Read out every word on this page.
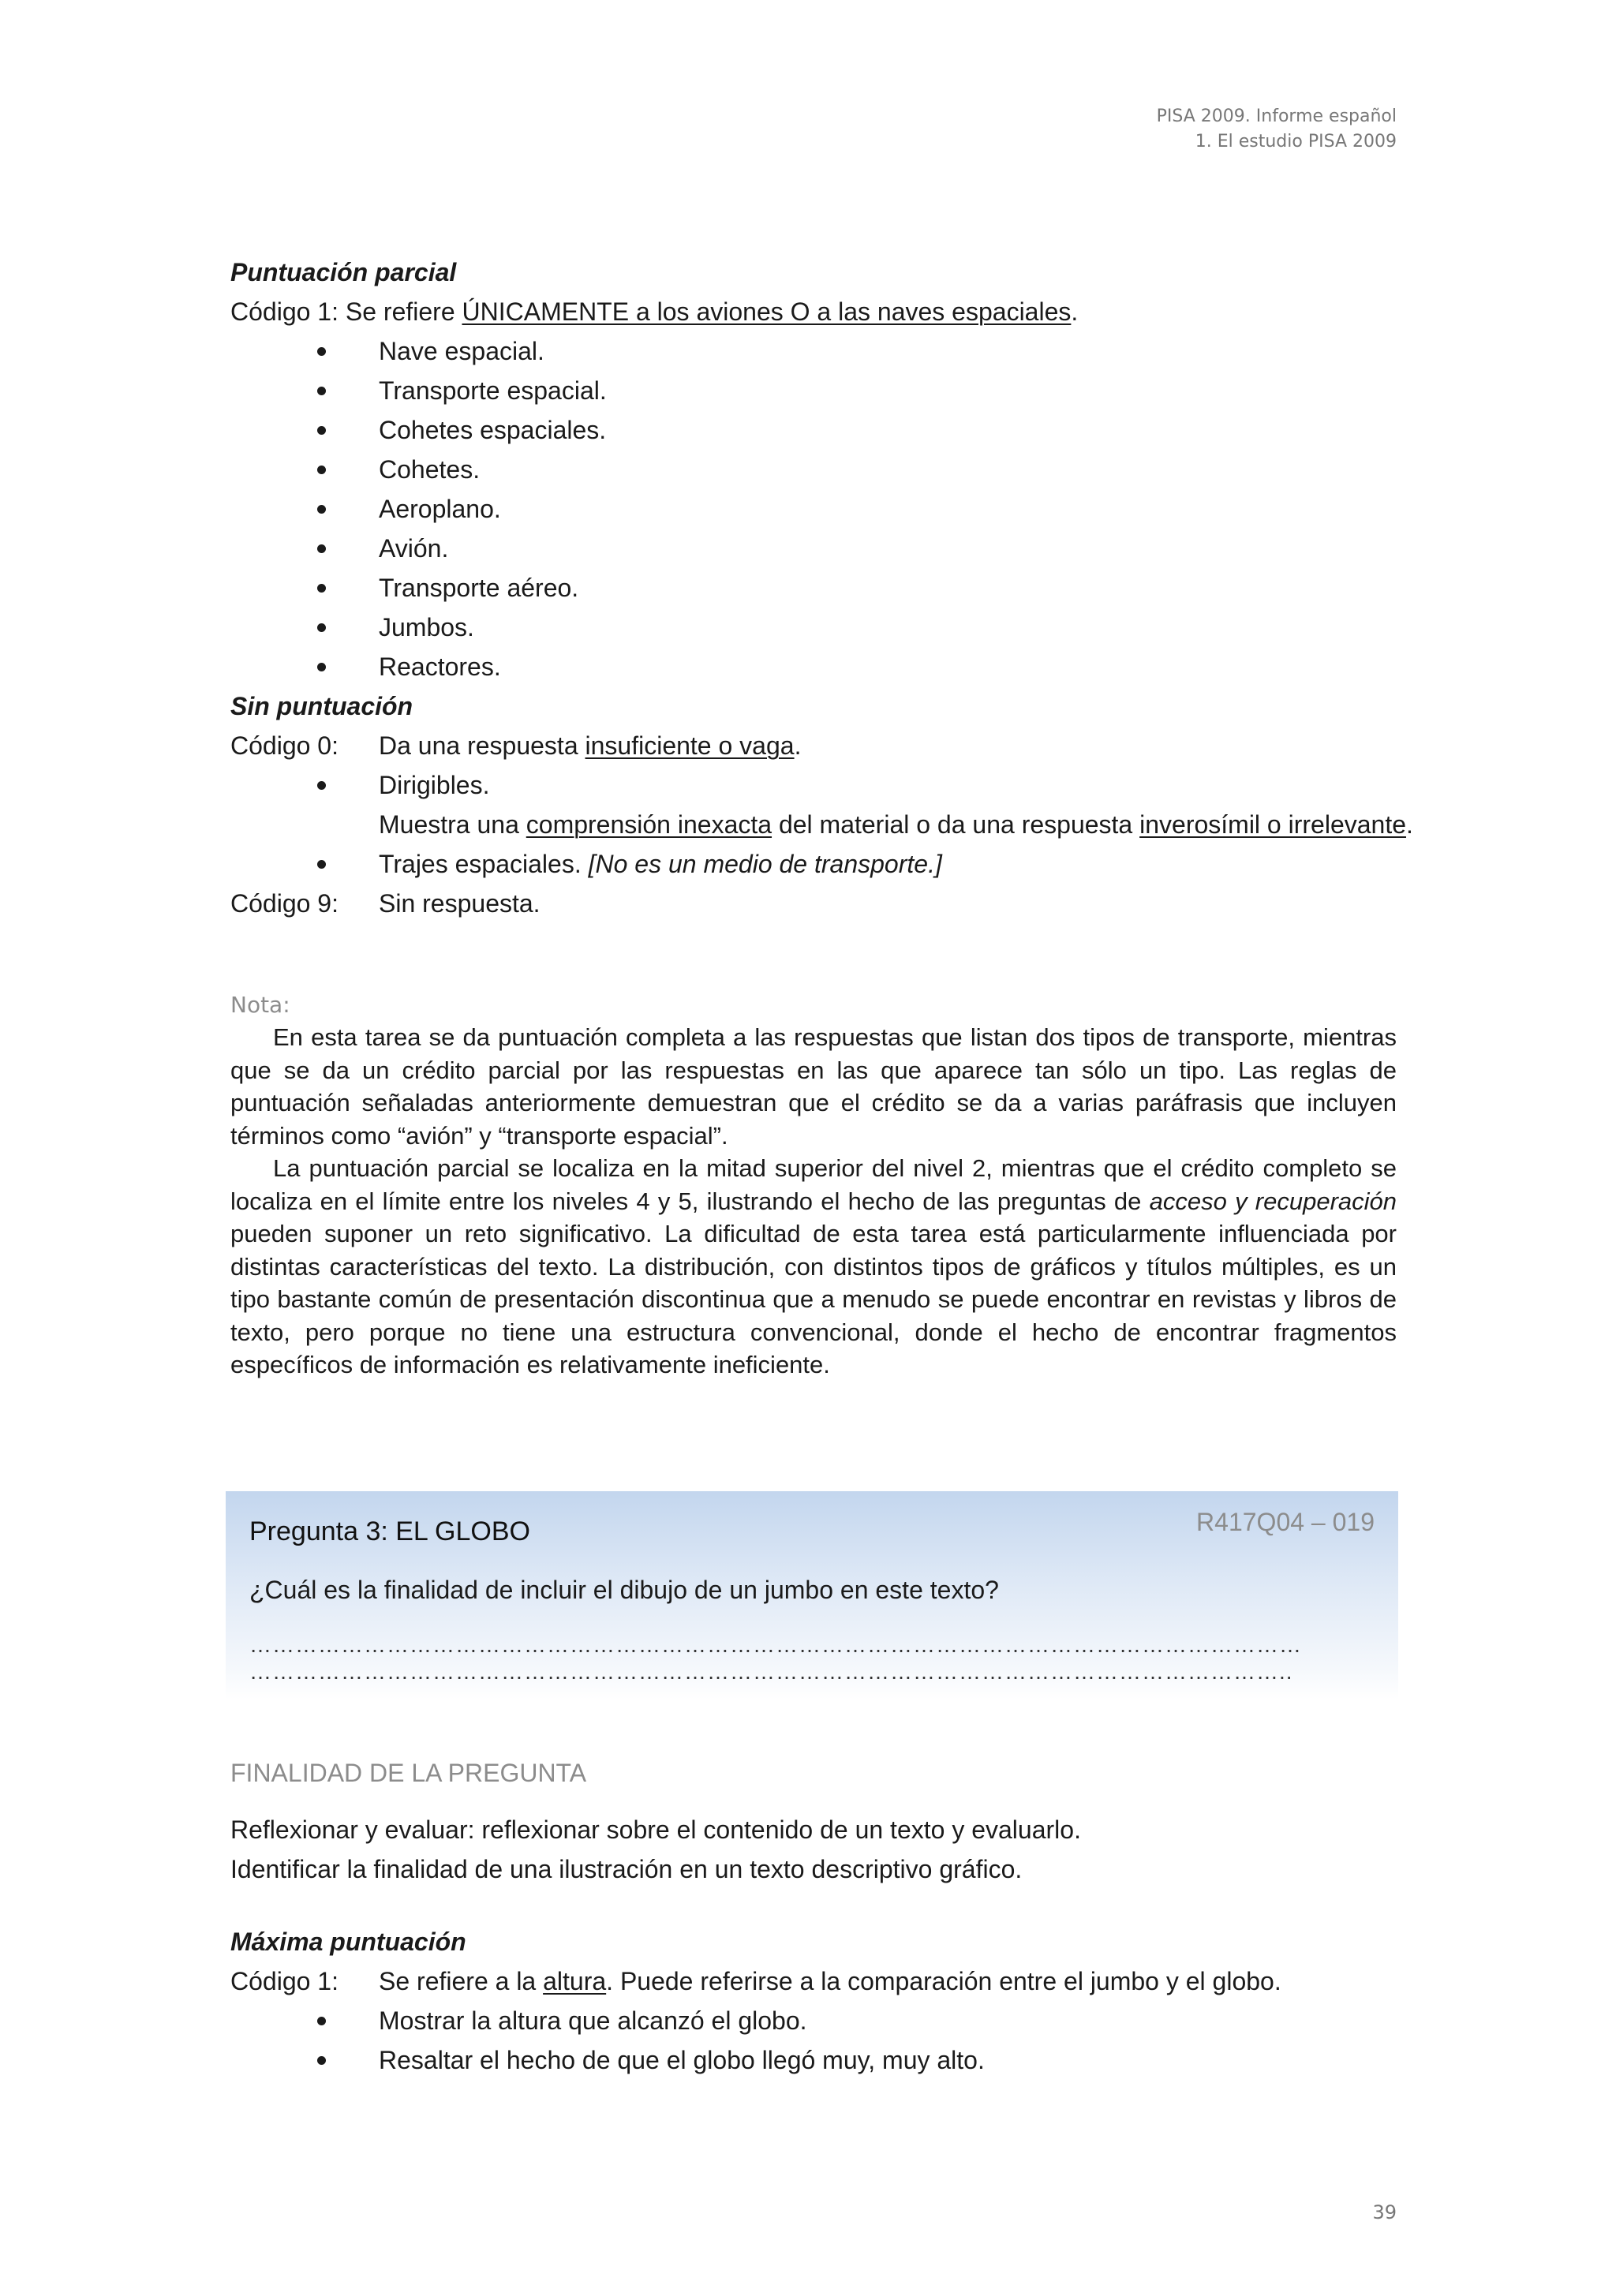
PISA 2009. Informe español
1. El estudio PISA 2009
Puntuación parcial
Código 1: Se refiere ÚNICAMENTE a los aviones O a las naves espaciales.
Nave espacial.
Transporte espacial.
Cohetes espaciales.
Cohetes.
Aeroplano.
Avión.
Transporte aéreo.
Jumbos.
Reactores.
Sin puntuación
Código 0:	Da una respuesta insuficiente o vaga.
Dirigibles.
Muestra una comprensión inexacta del material o da una respuesta inverosímil o irrelevante.
Trajes espaciales. [No es un medio de transporte.]
Código 9:	Sin respuesta.
Nota:

En esta tarea se da puntuación completa a las respuestas que listan dos tipos de transporte, mientras que se da un crédito parcial por las respuestas en las que aparece tan sólo un tipo. Las reglas de puntuación señaladas anteriormente demuestran que el crédito se da a varias paráfrasis que incluyen términos como “avión” y “transporte espacial”.

La puntuación parcial se localiza en la mitad superior del nivel 2, mientras que el crédito completo se localiza en el límite entre los niveles 4 y 5, ilustrando el hecho de las preguntas de acceso y recuperación pueden suponer un reto significativo. La dificultad de esta tarea está particularmente influenciada por distintas características del texto. La distribución, con distintos tipos de gráficos y títulos múltiples, es un tipo bastante común de presentación discontinua que a menudo se puede encontrar en revistas y libros de texto, pero porque no tiene una estructura convencional, donde el hecho de encontrar fragmentos específicos de información es relativamente ineficiente.

Pregunta 3: EL GLOBO	R417Q04 – 019
¿Cuál es la finalidad de incluir el dibujo de un jumbo en este texto?
…………………………………………………………………………………………………………………………
………………………………………………………………………………………………………………………..
FINALIDAD DE LA PREGUNTA
Reflexionar y evaluar: reflexionar sobre el contenido de un texto y evaluarlo.
Identificar la finalidad de una ilustración en un texto descriptivo gráfico.
Máxima puntuación
Código 1:	Se refiere a la altura. Puede referirse a la comparación entre el jumbo y el globo.
Mostrar la altura que alcanzó el globo.
Resaltar el hecho de que el globo llegó muy, muy alto.
39
